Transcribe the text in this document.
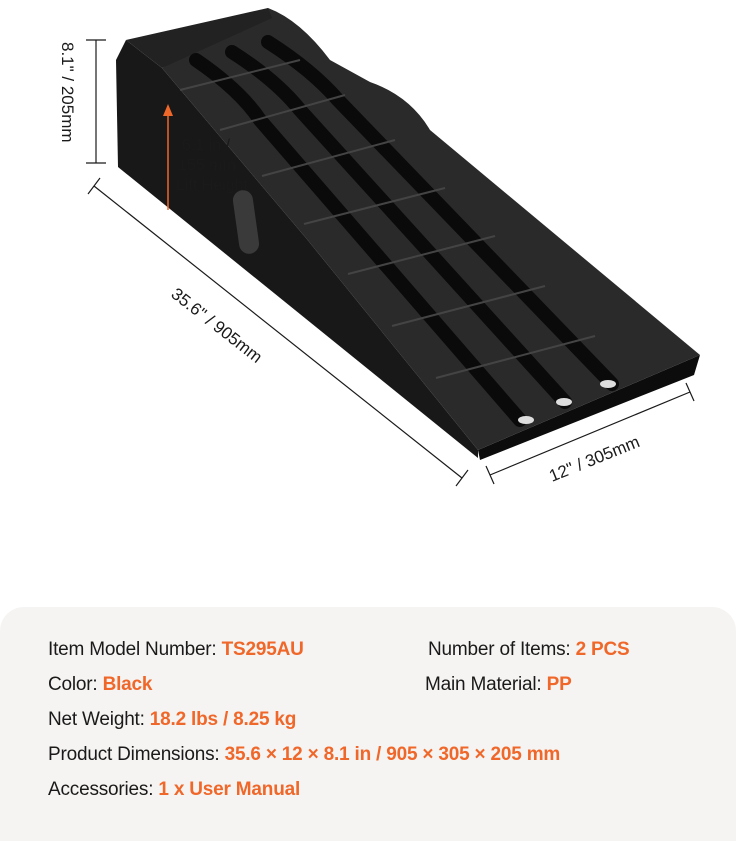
8.1" / 205mm
35.6" / 905mm
12" / 305mm
6.1 in / 155 mm Lift Height
Item Model Number: TS295AU	Number of Items: 2 PCS
Color: Black	Main Material: PP
Net Weight: 18.2 lbs / 8.25 kg
Product Dimensions: 35.6 × 12 × 8.1 in / 905 × 305 × 205 mm
Accessories: 1 x User Manual
